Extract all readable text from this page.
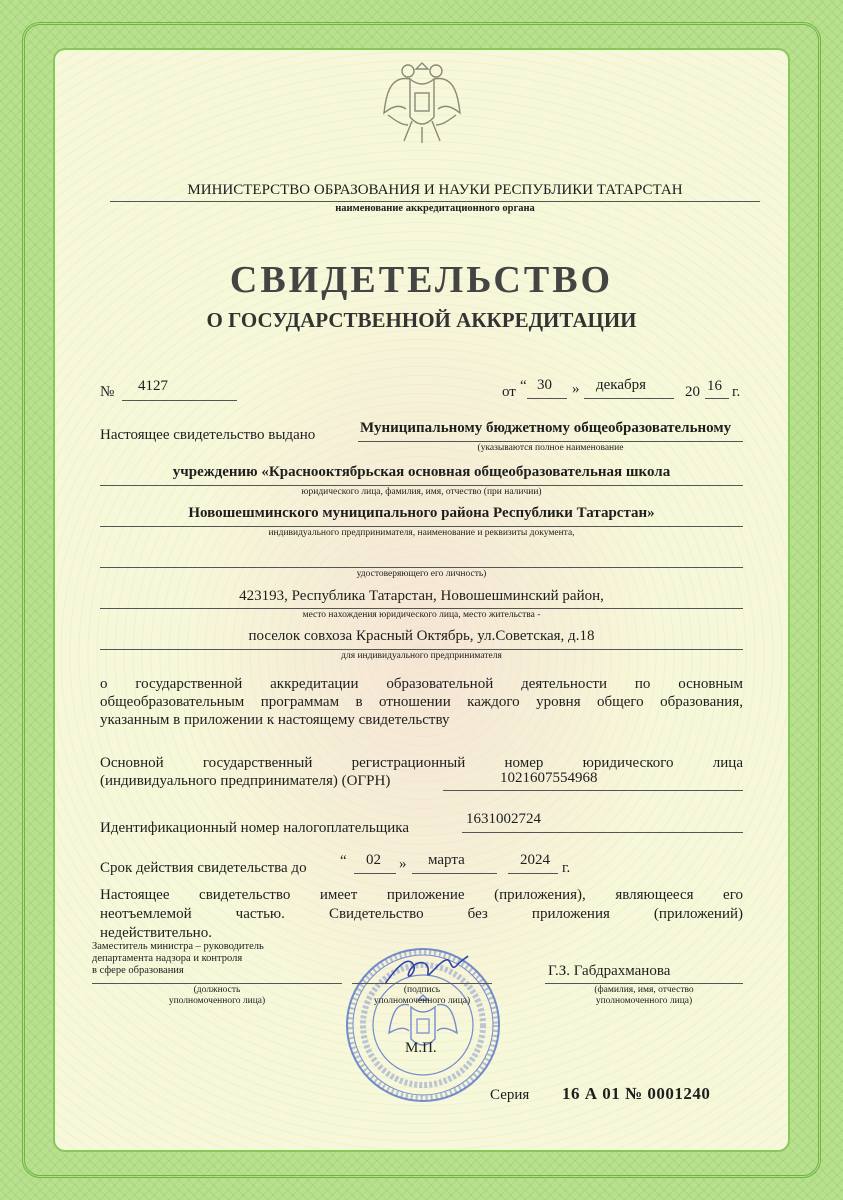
МИНИСТЕРСТВО ОБРАЗОВАНИЯ И НАУКИ РЕСПУБЛИКИ ТАТАРСТАН
наименование аккредитационного органа
СВИДЕТЕЛЬСТВО
О ГОСУДАРСТВЕННОЙ АККРЕДИТАЦИИ
№ 4127	от “ 30 » декабря	20 16 г.
Настоящее свидетельство выдано	Муниципальному бюджетному общеобразовательному
(указываются полное наименование
учреждению «Краснооктябрьская основная общеобразовательная школа
юридического лица, фамилия, имя, отчество (при наличии)
Новошешминского муниципального района Республики Татарстан»
индивидуального предпринимателя, наименование и реквизиты документа,
удостоверяющего его личность)
423193, Республика Татарстан, Новошешминский район,
место нахождения юридического лица, место жительства -
поселок совхоза Красный Октябрь, ул.Советская, д.18
для индивидуального предпринимателя
о государственной аккредитации образовательной деятельности по основным
общеобразовательным программам в отношении каждого уровня общего образования,
указанным в приложении к настоящему свидетельству
Основной государственный регистрационный номер юридического лица
(индивидуального предпринимателя) (ОГРН)	1021607554968
Идентификационный номер налогоплательщика
1631002724
Срок действия свидетельства до “ 02 » марта	2024 г.
Настоящее свидетельство имеет приложение (приложения), являющееся его
неотъемлемой частью. Свидетельство без приложения (приложений)
недействительно.
Заместитель министра – руководитель
департамента надзора и контроля
в сфере образования
(должность
уполномоченного лица)
(подпись
уполномоченного лица)
Г.З. Габдрахманова
(фамилия, имя, отчество
уполномоченного лица)
М.П.
Серия 16 А 01 № 0001240
